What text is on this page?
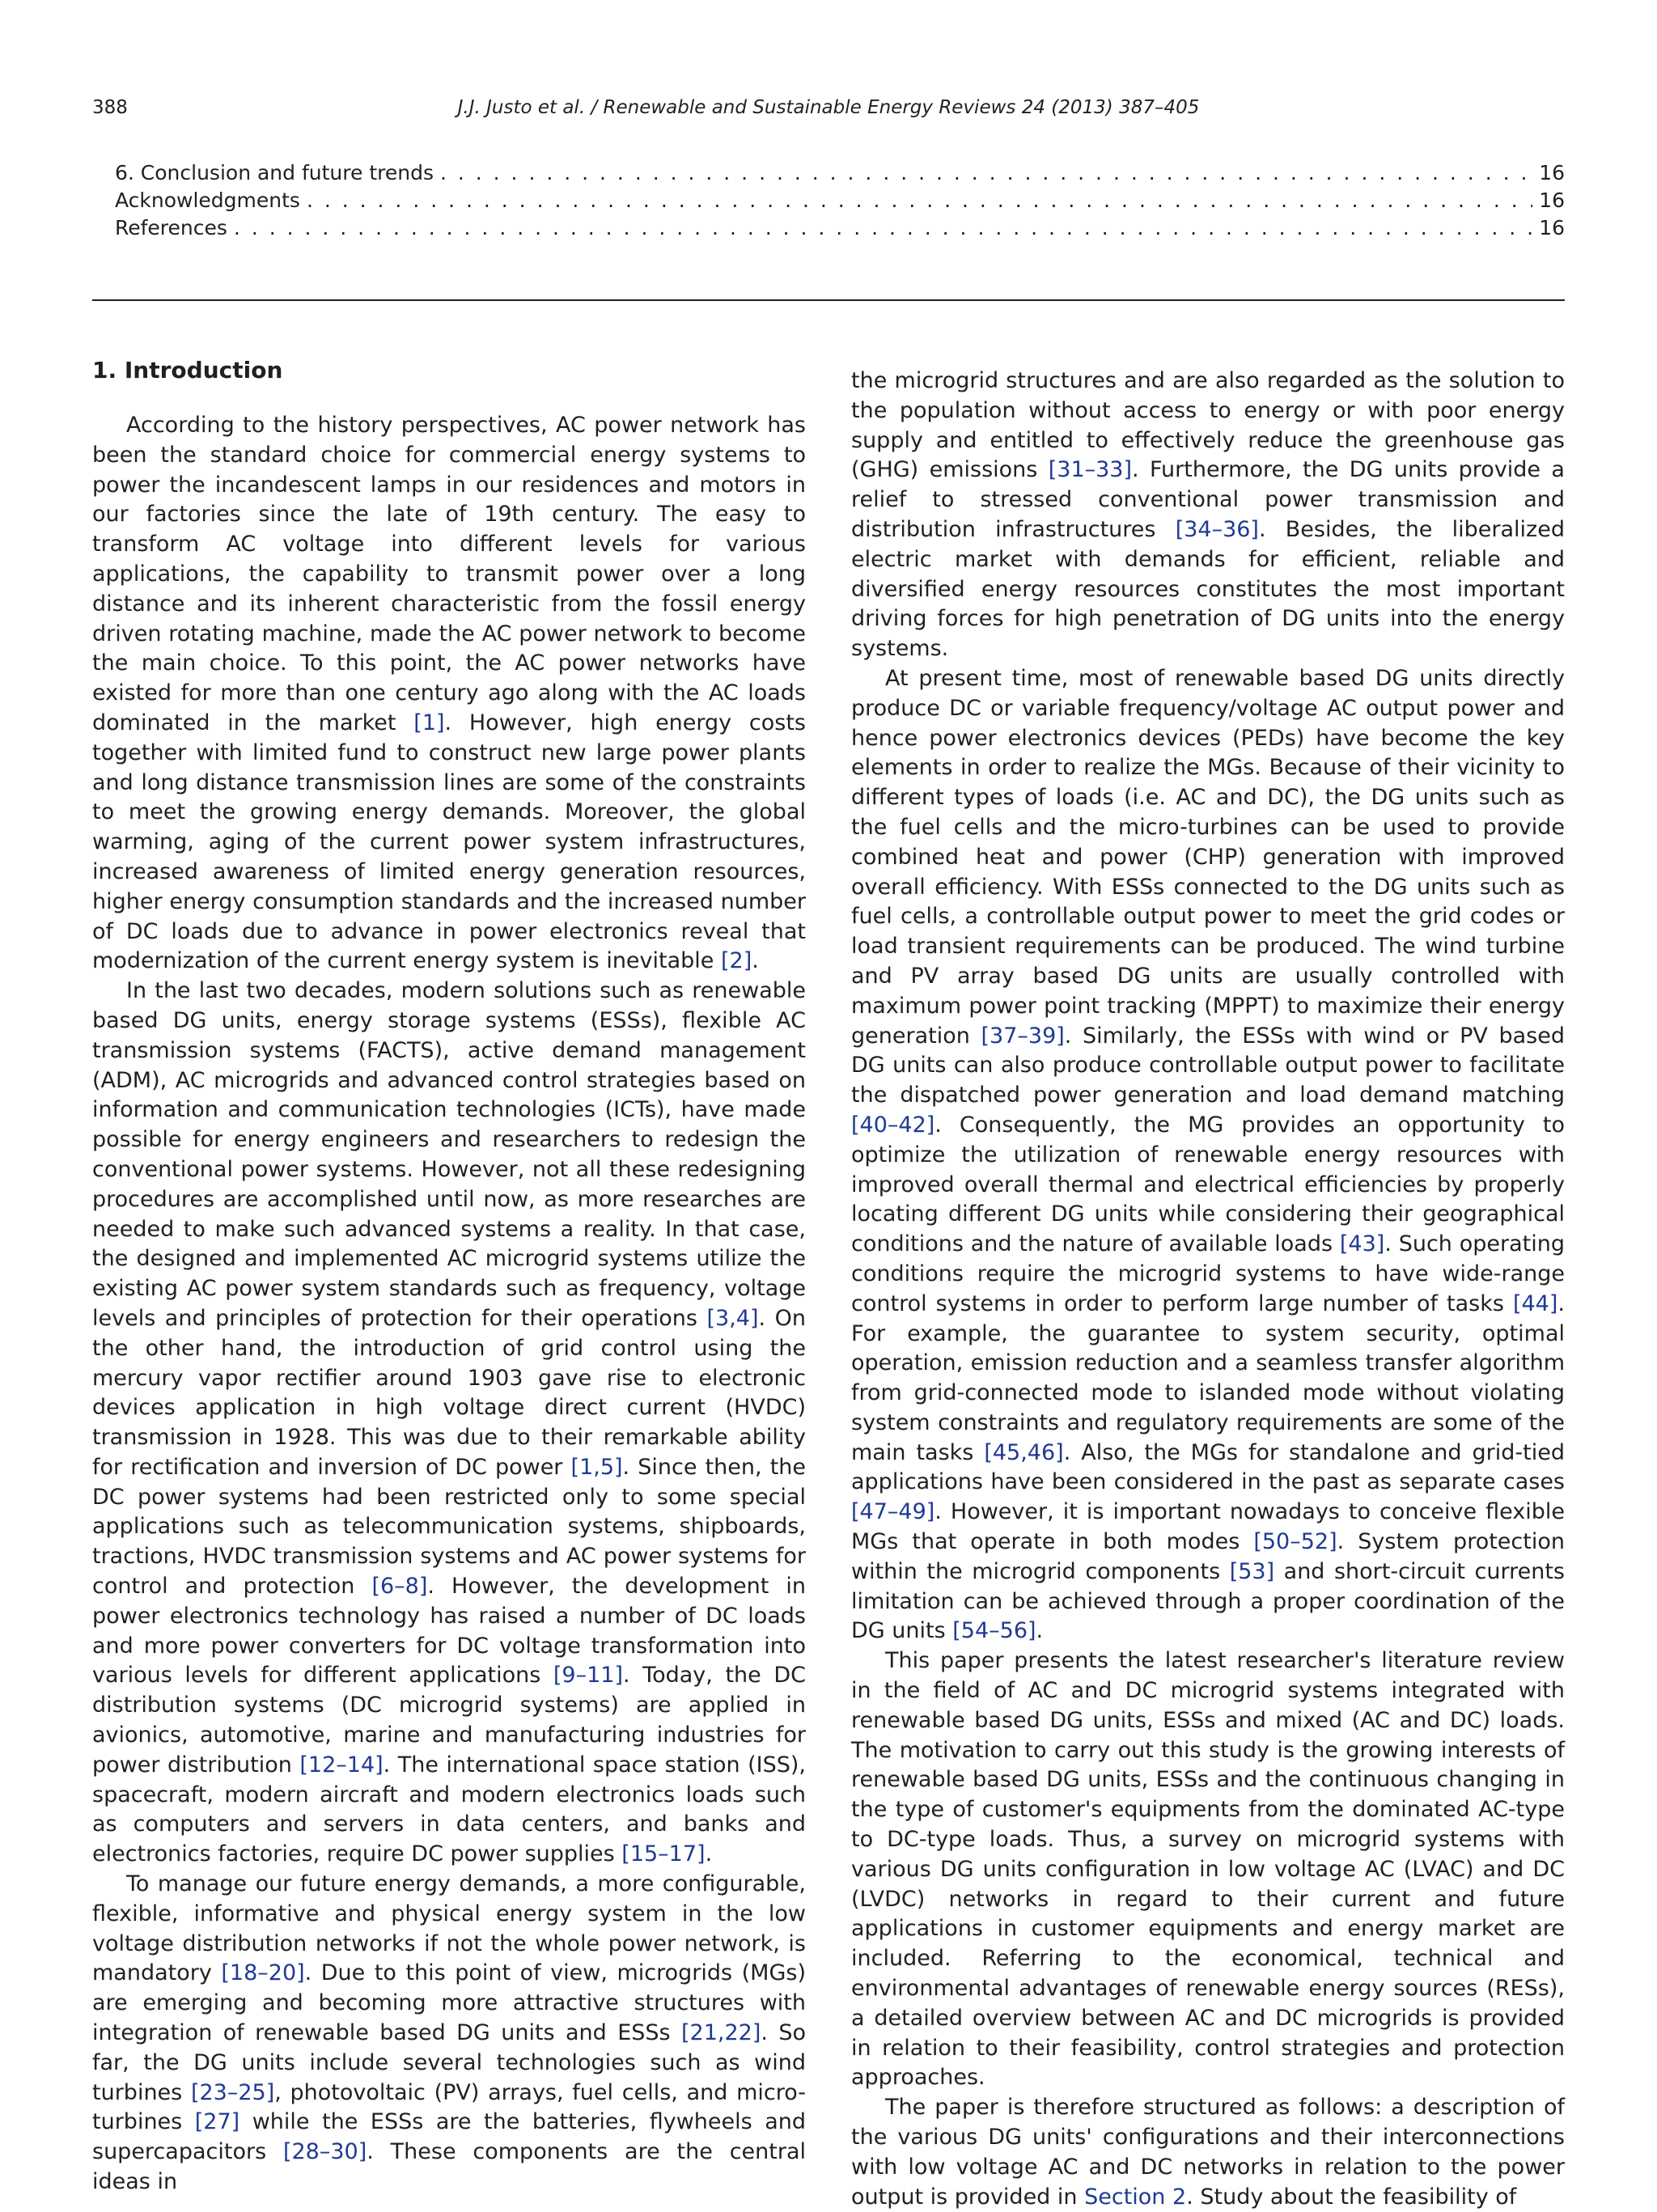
388	J.J. Justo et al. / Renewable and Sustainable Energy Reviews 24 (2013) 387–405
6. Conclusion and future trends . . .	16
Acknowledgments . . .	16
References . . .	16
1. Introduction

According to the history perspectives, AC power network has been the standard choice for commercial energy systems to power the incandescent lamps in our residences and motors in our factories since the late of 19th century. The easy to transform AC voltage into different levels for various applications, the capability to transmit power over a long distance and its inherent characteristic from the fossil energy driven rotating machine, made the AC power network to become the main choice. To this point, the AC power networks have existed for more than one century ago along with the AC loads dominated in the market [1]. However, high energy costs together with limited fund to construct new large power plants and long distance transmission lines are some of the constraints to meet the growing energy demands. Moreover, the global warming, aging of the current power system infrastructures, increased awareness of limited energy generation resources, higher energy consumption standards and the increased number of DC loads due to advance in power electronics reveal that modernization of the current energy system is inevitable [2].

In the last two decades, modern solutions such as renewable based DG units, energy storage systems (ESSs), flexible AC transmission systems (FACTS), active demand management (ADM), AC microgrids and advanced control strategies based on information and communication technologies (ICTs), have made possible for energy engineers and researchers to redesign the conventional power systems. However, not all these redesigning procedures are accomplished until now, as more researches are needed to make such advanced systems a reality. In that case, the designed and implemented AC microgrid systems utilize the existing AC power system standards such as frequency, voltage levels and principles of protection for their operations [3,4]. On the other hand, the introduction of grid control using the mercury vapor rectifier around 1903 gave rise to electronic devices application in high voltage direct current (HVDC) transmission in 1928. This was due to their remarkable ability for rectification and inversion of DC power [1,5]. Since then, the DC power systems had been restricted only to some special applications such as telecommunication systems, shipboards, tractions, HVDC transmission systems and AC power systems for control and protection [6–8]. However, the development in power electronics technology has raised a number of DC loads and more power converters for DC voltage transformation into various levels for different applications [9–11]. Today, the DC distribution systems (DC microgrid systems) are applied in avionics, automotive, marine and manufacturing industries for power distribution [12–14]. The international space station (ISS), spacecraft, modern aircraft and modern electronics loads such as computers and servers in data centers, and banks and electronics factories, require DC power supplies [15–17].

To manage our future energy demands, a more configurable, flexible, informative and physical energy system in the low voltage distribution networks if not the whole power network, is mandatory [18–20]. Due to this point of view, microgrids (MGs) are emerging and becoming more attractive structures with integration of renewable based DG units and ESSs [21,22]. So far, the DG units include several technologies such as wind turbines [23–25], photovoltaic (PV) arrays, fuel cells, and micro-turbines [27] while the ESSs are the batteries, flywheels and supercapacitors [28–30]. These components are the central ideas in

the microgrid structures and are also regarded as the solution to the population without access to energy or with poor energy supply and entitled to effectively reduce the greenhouse gas (GHG) emissions [31–33]. Furthermore, the DG units provide a relief to stressed conventional power transmission and distribution infrastructures [34–36]. Besides, the liberalized electric market with demands for efficient, reliable and diversified energy resources constitutes the most important driving forces for high penetration of DG units into the energy systems.

At present time, most of renewable based DG units directly produce DC or variable frequency/voltage AC output power and hence power electronics devices (PEDs) have become the key elements in order to realize the MGs. Because of their vicinity to different types of loads (i.e. AC and DC), the DG units such as the fuel cells and the micro-turbines can be used to provide combined heat and power (CHP) generation with improved overall efficiency. With ESSs connected to the DG units such as fuel cells, a controllable output power to meet the grid codes or load transient requirements can be produced. The wind turbine and PV array based DG units are usually controlled with maximum power point tracking (MPPT) to maximize their energy generation [37–39]. Similarly, the ESSs with wind or PV based DG units can also produce controllable output power to facilitate the dispatched power generation and load demand matching [40–42]. Consequently, the MG provides an opportunity to optimize the utilization of renewable energy resources with improved overall thermal and electrical efficiencies by properly locating different DG units while considering their geographical conditions and the nature of available loads [43]. Such operating conditions require the microgrid systems to have wide-range control systems in order to perform large number of tasks [44]. For example, the guarantee to system security, optimal operation, emission reduction and a seamless transfer algorithm from grid-connected mode to islanded mode without violating system constraints and regulatory requirements are some of the main tasks [45,46]. Also, the MGs for standalone and grid-tied applications have been considered in the past as separate cases [47–49]. However, it is important nowadays to conceive flexible MGs that operate in both modes [50–52]. System protection within the microgrid components [53] and short-circuit currents limitation can be achieved through a proper coordination of the DG units [54–56].

This paper presents the latest researcher's literature review in the field of AC and DC microgrid systems integrated with renewable based DG units, ESSs and mixed (AC and DC) loads. The motivation to carry out this study is the growing interests of renewable based DG units, ESSs and the continuous changing in the type of customer's equipments from the dominated AC-type to DC-type loads. Thus, a survey on microgrid systems with various DG units configuration in low voltage AC (LVAC) and DC (LVDC) networks in regard to their current and future applications in customer equipments and energy market are included. Referring to the economical, technical and environmental advantages of renewable energy sources (RESs), a detailed overview between AC and DC microgrids is provided in relation to their feasibility, control strategies and protection approaches.

The paper is therefore structured as follows: a description of the various DG units' configurations and their interconnections with low voltage AC and DC networks in relation to the power output is provided in Section 2. Study about the feasibility of
